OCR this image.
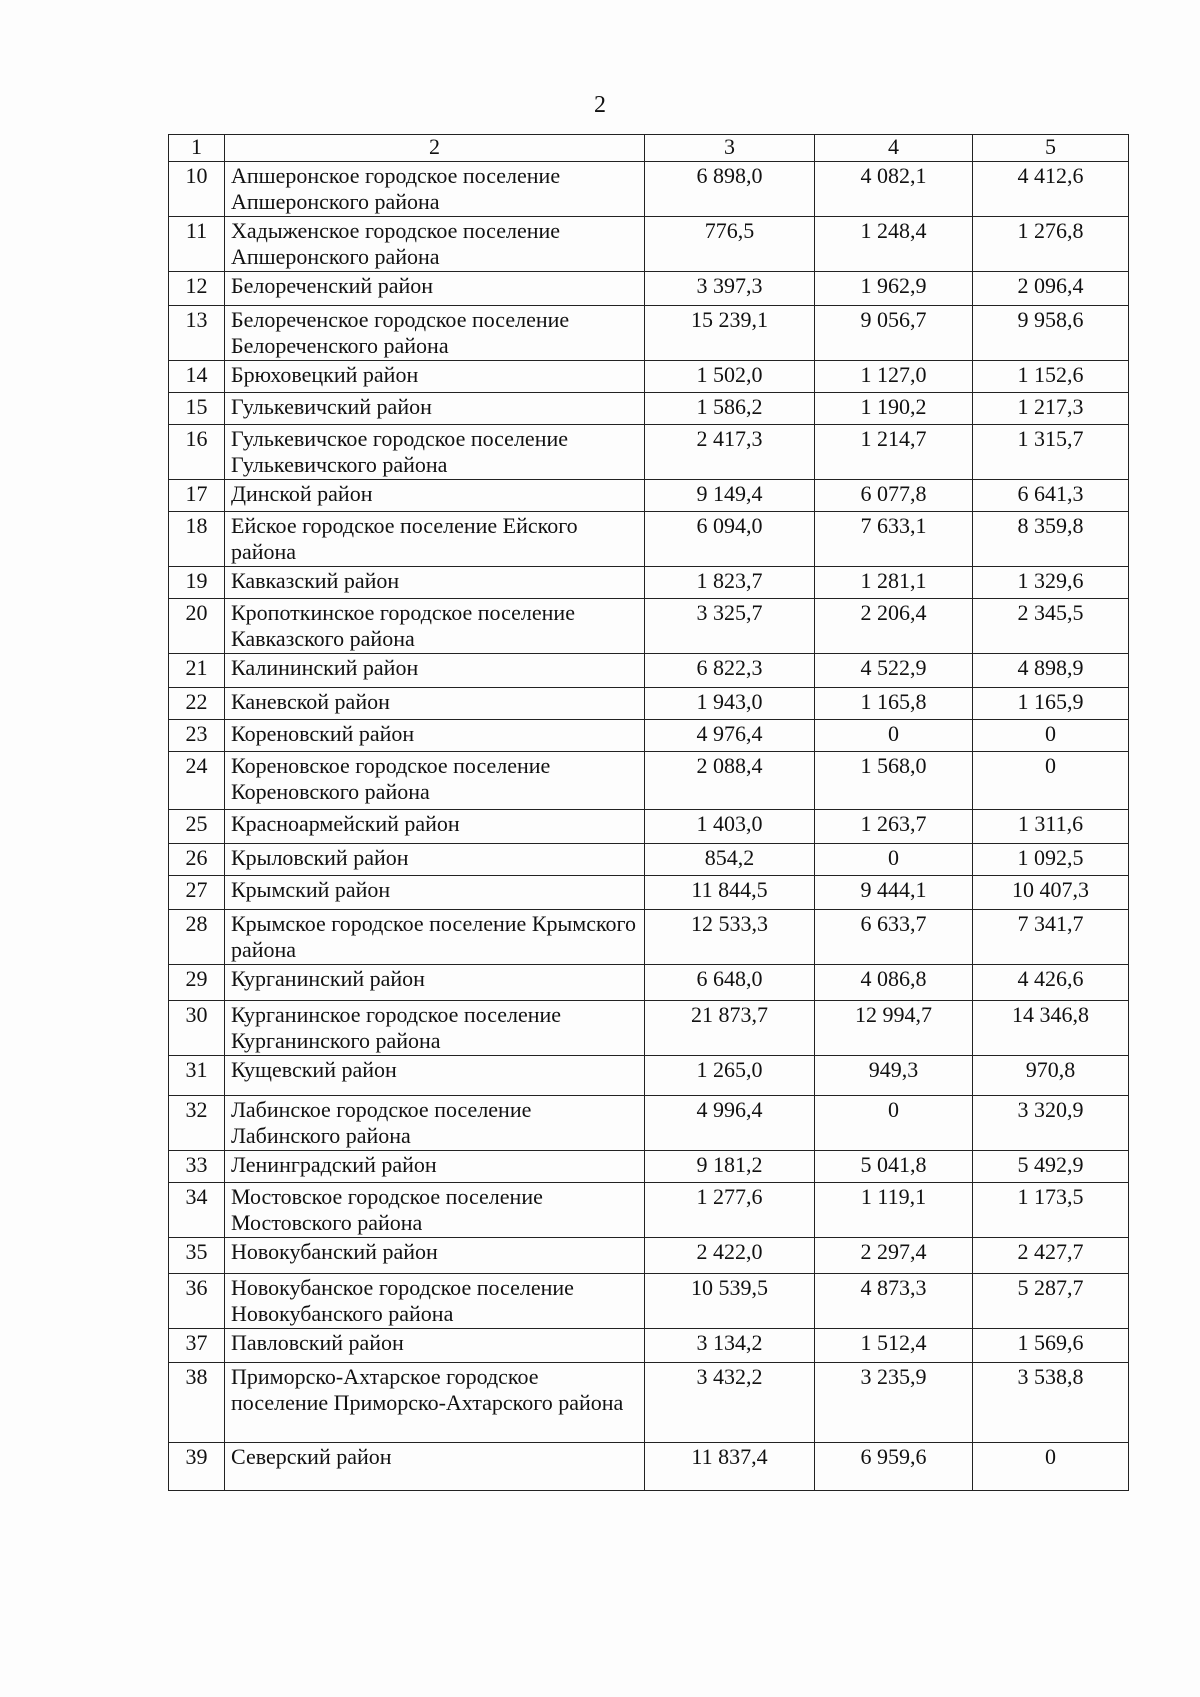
2
1	2	3	4	5
10	Апшеронское городское поселение Апшеронского района	6 898,0	4 082,1	4 412,6
11	Хадыженское городское поселение Апшеронского района	776,5	1 248,4	1 276,8
12	Белореченский район	3 397,3	1 962,9	2 096,4
13	Белореченское городское поселение Белореченского района	15 239,1	9 056,7	9 958,6
14	Брюховецкий район	1 502,0	1 127,0	1 152,6
15	Гулькевичский район	1 586,2	1 190,2	1 217,3
16	Гулькевичское городское поселение Гулькевичского района	2 417,3	1 214,7	1 315,7
17	Динской район	9 149,4	6 077,8	6 641,3
18	Ейское городское поселение Ейского района	6 094,0	7 633,1	8 359,8
19	Кавказский район	1 823,7	1 281,1	1 329,6
20	Кропоткинское городское поселение Кавказского района	3 325,7	2 206,4	2 345,5
21	Калининский район	6 822,3	4 522,9	4 898,9
22	Каневской район	1 943,0	1 165,8	1 165,9
23	Кореновский район	4 976,4	0	0
24	Кореновское городское поселение Кореновского района	2 088,4	1 568,0	0
25	Красноармейский район	1 403,0	1 263,7	1 311,6
26	Крыловский район	854,2	0	1 092,5
27	Крымский район	11 844,5	9 444,1	10 407,3
28	Крымское городское поселение Крымского района	12 533,3	6 633,7	7 341,7
29	Курганинский район	6 648,0	4 086,8	4 426,6
30	Курганинское городское поселение Курганинского района	21 873,7	12 994,7	14 346,8
31	Кущевский район	1 265,0	949,3	970,8
32	Лабинское городское поселение Лабинского района	4 996,4	0	3 320,9
33	Ленинградский район	9 181,2	5 041,8	5 492,9
34	Мостовское городское поселение Мостовского района	1 277,6	1 119,1	1 173,5
35	Новокубанский район	2 422,0	2 297,4	2 427,7
36	Новокубанское городское поселение Новокубанского района	10 539,5	4 873,3	5 287,7
37	Павловский район	3 134,2	1 512,4	1 569,6
38	Приморско-Ахтарское городское поселение Приморско-Ахтарского района	3 432,2	3 235,9	3 538,8
39	Северский район	11 837,4	6 959,6	0
